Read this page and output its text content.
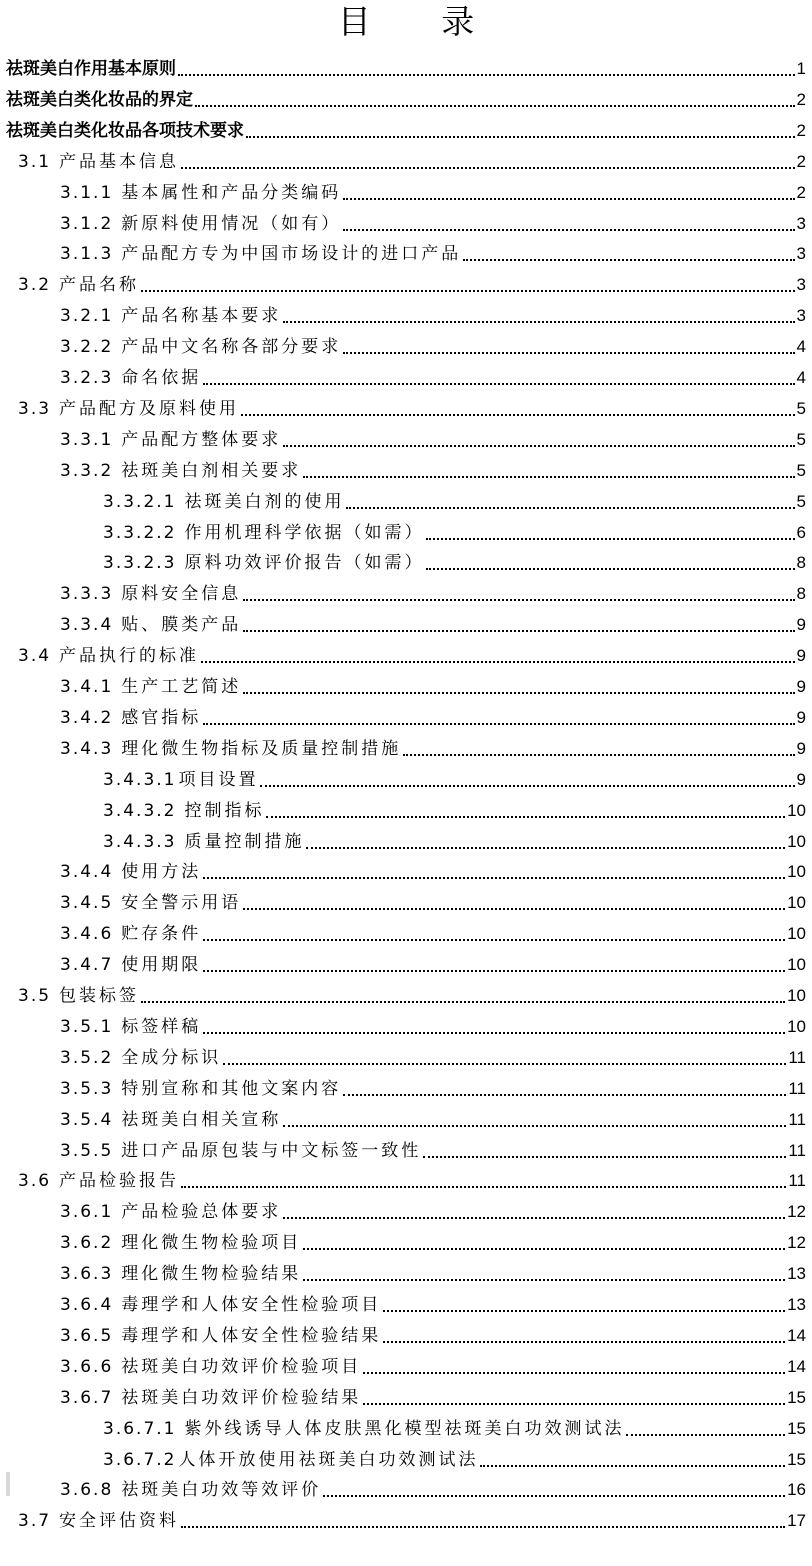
目 录
祛斑美白作用基本原则	1
祛斑美白类化妆品的界定	2
祛斑美白类化妆品各项技术要求	2
3.1 产品基本信息	2
3.1.1 基本属性和产品分类编码	2
3.1.2 新原料使用情况（如有）	3
3.1.3 产品配方专为中国市场设计的进口产品	3
3.2 产品名称	3
3.2.1 产品名称基本要求	3
3.2.2 产品中文名称各部分要求	4
3.2.3 命名依据	4
3.3 产品配方及原料使用	5
3.3.1 产品配方整体要求	5
3.3.2 祛斑美白剂相关要求	5
3.3.2.1 祛斑美白剂的使用	5
3.3.2.2 作用机理科学依据（如需）	6
3.3.2.3 原料功效评价报告（如需）	8
3.3.3 原料安全信息	8
3.3.4 贴、膜类产品	9
3.4 产品执行的标准	9
3.4.1 生产工艺简述	9
3.4.2 感官指标	9
3.4.3 理化微生物指标及质量控制措施	9
3.4.3.1 项目设置	9
3.4.3.2 控制指标	10
3.4.3.3 质量控制措施	10
3.4.4 使用方法	10
3.4.5 安全警示用语	10
3.4.6 贮存条件	10
3.4.7 使用期限	10
3.5 包装标签	10
3.5.1 标签样稿	10
3.5.2 全成分标识	11
3.5.3 特别宣称和其他文案内容	11
3.5.4 祛斑美白相关宣称	11
3.5.5 进口产品原包装与中文标签一致性	11
3.6 产品检验报告	11
3.6.1 产品检验总体要求	12
3.6.2 理化微生物检验项目	12
3.6.3 理化微生物检验结果	13
3.6.4 毒理学和人体安全性检验项目	13
3.6.5 毒理学和人体安全性检验结果	14
3.6.6 祛斑美白功效评价检验项目	14
3.6.7 祛斑美白功效评价检验结果	15
3.6.7.1 紫外线诱导人体皮肤黑化模型祛斑美白功效测试法	15
3.6.7.2 人体开放使用祛斑美白功效测试法	15
3.6.8 祛斑美白功效等效评价	16
3.7 安全评估资料	17
